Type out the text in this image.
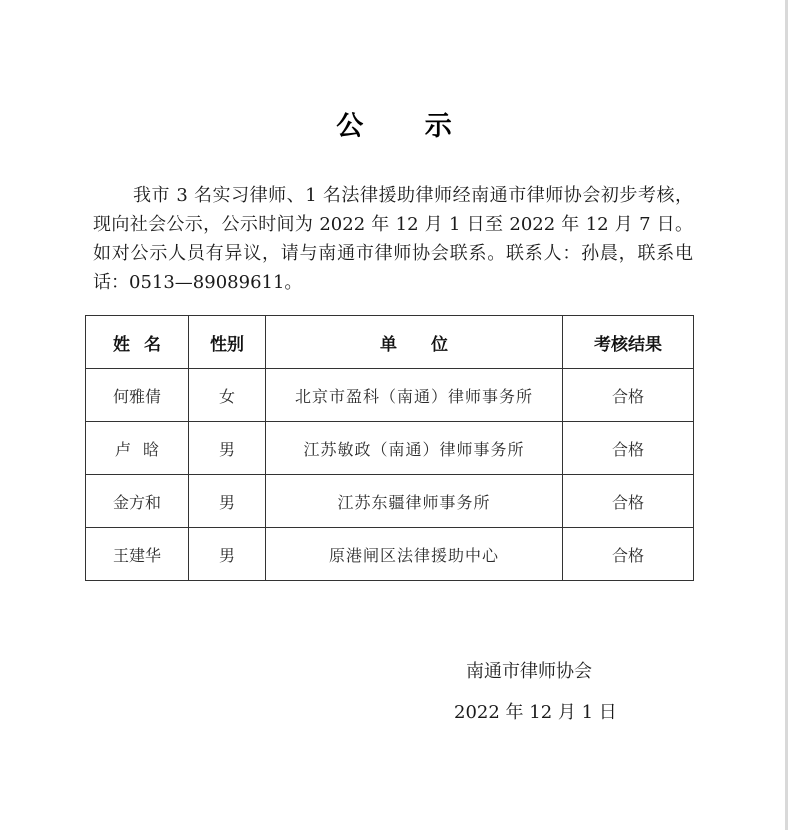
公 示
我市 3 名实习律师、1 名法律援助律师经南通市律师协会初步考核，现向社会公示，公示时间为 2022 年 12 月 1 日至 2022 年 12 月 7 日。如对公示人员有异议，请与南通市律师协会联系。联系人：孙晨，联系电话：0513—89089611。
姓名	性别	单位	考核结果
何雅倩	女	北京市盈科（南通）律师事务所	合格
卢晗	男	江苏敏政（南通）律师事务所	合格
金方和	男	江苏东疆律师事务所	合格
王建华	男	原港闸区法律援助中心	合格
南通市律师协会
2022 年 12 月 1 日
